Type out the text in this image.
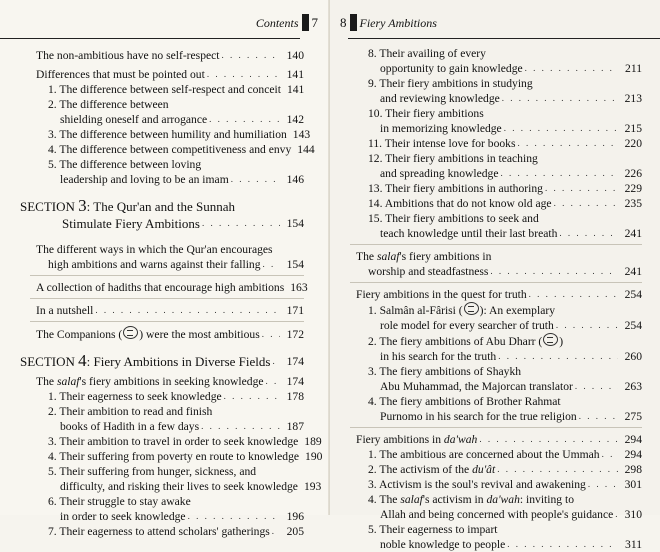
Contents 7
The non-ambitious have no self-respect . . .	140
Differences that must be pointed out . . .	141
1. The difference between self-respect and conceit 141
2. The difference between
shielding oneself and arrogance . . .	142
3. The difference between humility and humiliation 143
4. The difference between competitiveness and envy 144
5. The difference between loving
leadership and loving to be an imam . . .	146
SECTION 3: The Qur'an and the Sunnah
Stimulate Fiery Ambitions . . .	154
The different ways in which the Qur'an encourages
high ambitions and warns against their falling . . .	154
A collection of hadiths that encourage high ambitions 163
In a nutshell . . .	171
The Companions ( ) were the most ambitious . . .	172
SECTION 4: Fiery Ambitions in Diverse Fields . . .	174
The salaf's fiery ambitions in seeking knowledge . . .	174
1. Their eagerness to seek knowledge . . .	178
2. Their ambition to read and finish
books of Hadith in a few days . . .	187
3. Their ambition to travel in order to seek knowledge 189
4. Their suffering from poverty en route to knowledge 190
5. Their suffering from hunger, sickness, and
difficulty, and risking their lives to seek knowledge 193
6. Their struggle to stay awake
in order to seek knowledge . . .	196
7. Their eagerness to attend scholars' gatherings . . .	205
8 Fiery Ambitions
8. Their availing of every
opportunity to gain knowledge . . .	211
9. Their fiery ambitions in studying
and reviewing knowledge . . .	213
10. Their fiery ambitions
in memorizing knowledge . . .	215
11. Their intense love for books . . .	220
12. Their fiery ambitions in teaching
and spreading knowledge . . .	226
13. Their fiery ambitions in authoring . . .	229
14. Ambitions that do not know old age . . .	235
15. Their fiery ambitions to seek and
teach knowledge until their last breath . . .	241
The salaf's fiery ambitions in
worship and steadfastness . . .	241
Fiery ambitions in the quest for truth . . .	254
1. Salmân al-Fârisi ( ): An exemplary
role model for every searcher of truth . . .	254
2. The fiery ambitions of Abu Dharr ( )
in his search for the truth . . .	260
3. The fiery ambitions of Shaykh
Abu Muhammad, the Majorcan translator . . .	263
4. The fiery ambitions of Brother Rahmat
Purnomo in his search for the true religion . . .	275
Fiery ambitions in da'wah . . .	294
1. The ambitious are concerned about the Ummah . . .	294
2. The activism of the du'ât . . .	298
3. Activism is the soul's revival and awakening . . .	301
4. The salaf's activism in da'wah: inviting to
Allah and being concerned with people's guidance . . . 310
5. Their eagerness to impart
noble knowledge to people . . .	311
